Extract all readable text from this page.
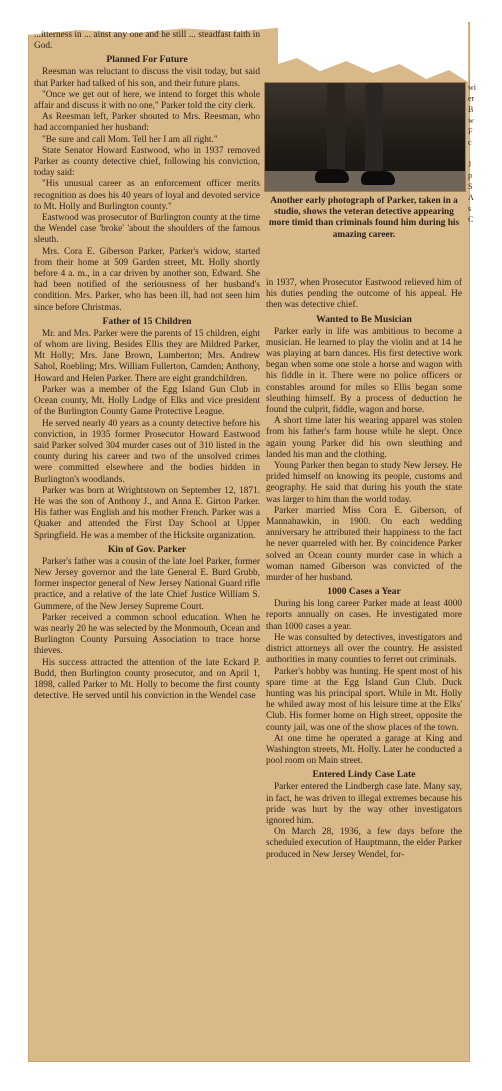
...itterness in ... ainst any one and he still ... steadfast faith in God.

Planned For Future

Reesman was reluctant to discuss the visit today, but said that Parker had talked of his son, and their future plans.

"Once we get out of here, we intend to forget this whole affair and discuss it with no one," Parker told the city clerk.

As Reesman left, Parker shouted to Mrs. Reesman, who had accompanied her husband:

"Be sure and call Mom. Tell her I am all right."

State Senator Howard Eastwood, who in 1937 removed Parker as county detective chief, following his conviction, today said:

"His unusual career as an enforcement officer merits recognition as does his 40 years of loyal and devoted service to Mt. Holly and Burlington county."

Eastwood was prosecutor of Burlington county at the time the Wendel case 'broke' 'about the shoulders of the famous sleuth.

Mrs. Cora E. Giberson Parker, Parker's widow, started from their home at 509 Garden street, Mt. Holly shortly before 4 a. m., in a car driven by another son, Edward. She had been notified of the seriousness of her husband's condition. Mrs. Parker, who has been ill, had not seen him since before Christmas.

Father of 15 Children

Mr. and Mrs. Parker were the parents of 15 children, eight of whom are living. Besides Ellis they are Mildred Parker, Mt Holly; Mrs. Jane Brown, Lumberton; Mrs. Andrew Sahol, Roebling; Mrs. William Fullerton, Camden; Anthony, Howard and Helen Parker. There are eight grandchildren.

Parker was a member of the Egg Island Gun Club in Ocean county, Mt. Holly Lodge of Elks and vice president of the Burlington County Game Protective League.

He served nearly 40 years as a county detective before his conviction, in 1935 former Prosecutor Howard Eastwood said Parker solved 304 murder cases out of 310 listed in the county during his career and two of the unsolved crimes were committed elsewhere and the bodies hidden in Burlington's woodlands.

Parker was born at Wrightstown on September 12, 1871. He was the son of Anthony J., and Anna E. Girton Parker. His father was English and his mother French. Parker was a Quaker and attended the First Day School at Upper Springfield. He was a member of the Hicksite organization.

Kin of Gov. Parker

Parker's father was a cousin of the late Joel Parker, former New Jersey governor and the late General E. Burd Grubb, former inspector general of New Jersey National Guard rifle practice, and a relative of the late Chief Justice William S. Gummere, of the New Jersey Supreme Court.

Parker received a common school education. When he was nearly 20 he was selected by the Monmouth, Ocean and Burlington County Pursuing Association to trace horse thieves.

His success attracted the attention of the late Eckard P. Budd, then Burlington county prosecutor, and on April 1, 1898, called Parker to Mt. Holly to become the first county detective. He served until his conviction in the Wendel case

Another early photograph of Parker, taken in a studio, shows the veteran detective appearing more timid than criminals found him during his amazing career.
wi
er
B
w
F
c
J
p
S
A
s
C

in 1937, when Prosecutor Eastwood relieved him of his duties pending the outcome of his appeal. He then was detective chief.

Wanted to Be Musician

Parker early in life was ambitious to become a musician. He learned to play the violin and at 14 he was playing at barn dances. His first detective work began when some one stole a horse and wagon with his fiddle in it. There were no police officers or constables around for miles so Ellis began some sleuthing himself. By a process of deduction he found the culprit, fiddle, wagon and horse.

A short time later his wearing apparel was stolen from his father's farm house while he slept. Once again young Parker did his own sleuthing and landed his man and the clothing.

Young Parker then began to study New Jersey. He prided himself on knowing its people, customs and geography. He said that during his youth the state was larger to him than the world today.

Parker married Miss Cora E. Giberson, of Mannahawkin, in 1900. On each wedding anniversary he attributed their happiness to the fact he never quarreled with her. By coincidence Parker solved an Ocean county murder case in which a woman named Giberson was convicted of the murder of her husband.

1000 Cases a Year

During his long career Parker made at least 4000 reports annually on cases. He investigated more than 1000 cases a year.

He was consulted by detectives, investigators and district attorneys all over the country. He assisted authorities in many counties to ferret out criminals.

Parker's hobby was hunting. He spent most of his spare time at the Egg Island Gun Club. Duck hunting was his principal sport. While in Mt. Holly he whiled away most of his leisure time at the Elks' Club. His former home on High street, opposite the county jail, was one of the show places of the town.

At one time he operated a garage at King and Washington streets, Mt. Holly. Later he conducted a pool room on Main street.

Entered Lindy Case Late

Parker entered the Lindbergh case late. Many say, in fact, he was driven to illegal extremes because his pride was hurt by the way other investigators ignored him.

On March 28, 1936, a few days before the scheduled execution of Hauptmann, the elder Parker produced in New Jersey Wendel, for-
